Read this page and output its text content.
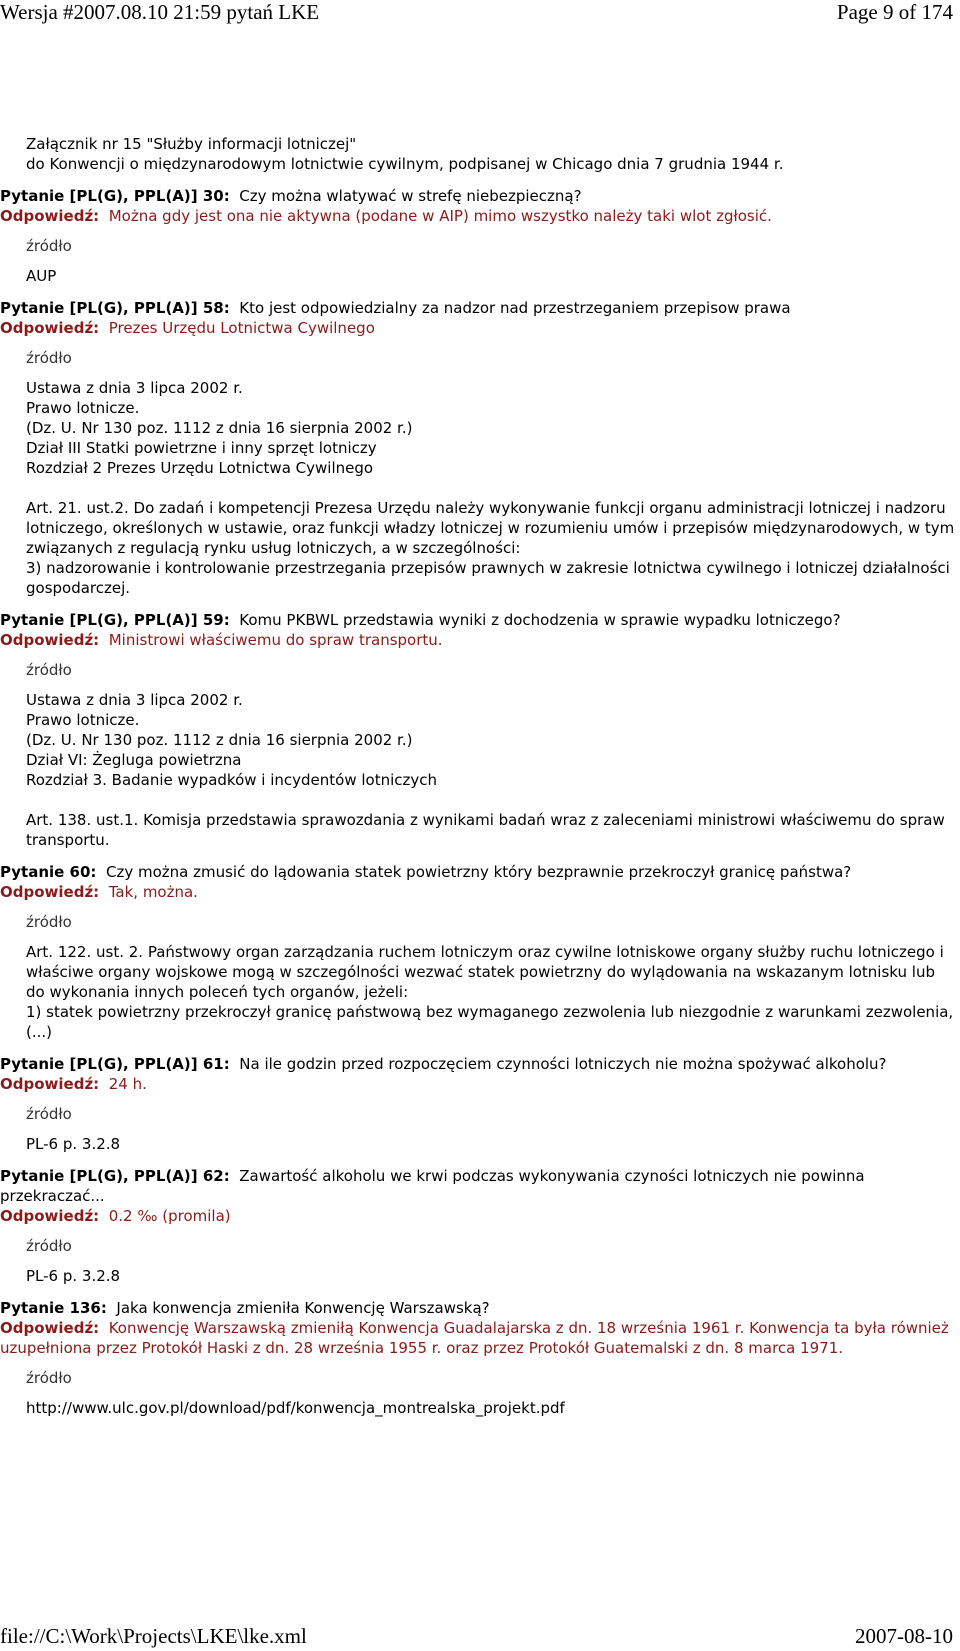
Wersja #2007.08.10 21:59 pytań LKE	Page 9 of 174
Załącznik nr 15 "Służby informacji lotniczej"
do Konwencji o międzynarodowym lotnictwie cywilnym, podpisanej w Chicago dnia 7 grudnia 1944 r.

Pytanie [PL(G), PPL(A)] 30: Czy można wlatywać w strefę niebezpieczną?

Odpowiedź: Można gdy jest ona nie aktywna (podane w AIP) mimo wszystko należy taki wlot zgłosić.

źródło

AUP

Pytanie [PL(G), PPL(A)] 58: Kto jest odpowiedzialny za nadzor nad przestrzeganiem przepisow prawa

Odpowiedź: Prezes Urzędu Lotnictwa Cywilnego

źródło

Ustawa z dnia 3 lipca 2002 r.

Prawo lotnicze.

(Dz. U. Nr 130 poz. 1112 z dnia 16 sierpnia 2002 r.)

Dział III Statki powietrzne i inny sprzęt lotniczy

Rozdział 2 Prezes Urzędu Lotnictwa Cywilnego

Art. 21. ust.2. Do zadań i kompetencji Prezesa Urzędu należy wykonywanie funkcji organu administracji lotniczej i nadzoru lotniczego, określonych w ustawie, oraz funkcji władzy lotniczej w rozumieniu umów i przepisów międzynarodowych, w tym związanych z regulacją rynku usług lotniczych, a w szczególności:

3) nadzorowanie i kontrolowanie przestrzegania przepisów prawnych w zakresie lotnictwa cywilnego i lotniczej działalności gospodarczej.

Pytanie [PL(G), PPL(A)] 59: Komu PKBWL przedstawia wyniki z dochodzenia w sprawie wypadku lotniczego?

Odpowiedź: Ministrowi właściwemu do spraw transportu.

źródło

Ustawa z dnia 3 lipca 2002 r.

Prawo lotnicze.

(Dz. U. Nr 130 poz. 1112 z dnia 16 sierpnia 2002 r.)

Dział VI: Żegluga powietrzna

Rozdział 3. Badanie wypadków i incydentów lotniczych

Art. 138. ust.1. Komisja przedstawia sprawozdania z wynikami badań wraz z zaleceniami ministrowi właściwemu do spraw transportu.

Pytanie 60: Czy można zmusić do lądowania statek powietrzny który bezprawnie przekroczył granicę państwa?

Odpowiedź: Tak, można.

źródło

Art. 122. ust. 2. Państwowy organ zarządzania ruchem lotniczym oraz cywilne lotniskowe organy służby ruchu lotniczego i właściwe organy wojskowe mogą w szczególności wezwać statek powietrzny do wylądowania na wskazanym lotnisku lub do wykonania innych poleceń tych organów, jeżeli:

1) statek powietrzny przekroczył granicę państwową bez wymaganego zezwolenia lub niezgodnie z warunkami zezwolenia,

(...)

Pytanie [PL(G), PPL(A)] 61: Na ile godzin przed rozpoczęciem czynności lotniczych nie można spożywać alkoholu?

Odpowiedź: 24 h.

źródło

PL-6 p. 3.2.8

Pytanie [PL(G), PPL(A)] 62: Zawartość alkoholu we krwi podczas wykonywania czyności lotniczych nie powinna przekraczać...

Odpowiedź: 0.2 ‰ (promila)

źródło

PL-6 p. 3.2.8

Pytanie 136: Jaka konwencja zmieniła Konwencję Warszawską?

Odpowiedź: Konwencję Warszawską zmieniłą Konwencja Guadalajarska z dn. 18 września 1961 r. Konwencja ta była również uzupełniona przez Protokół Haski z dn. 28 września 1955 r. oraz przez Protokół Guatemalski z dn. 8 marca 1971.

źródło

http://www.ulc.gov.pl/download/pdf/konwencja_montrealska_projekt.pdf

file://C:\Work\Projects\LKE\lke.xml	2007-08-10
